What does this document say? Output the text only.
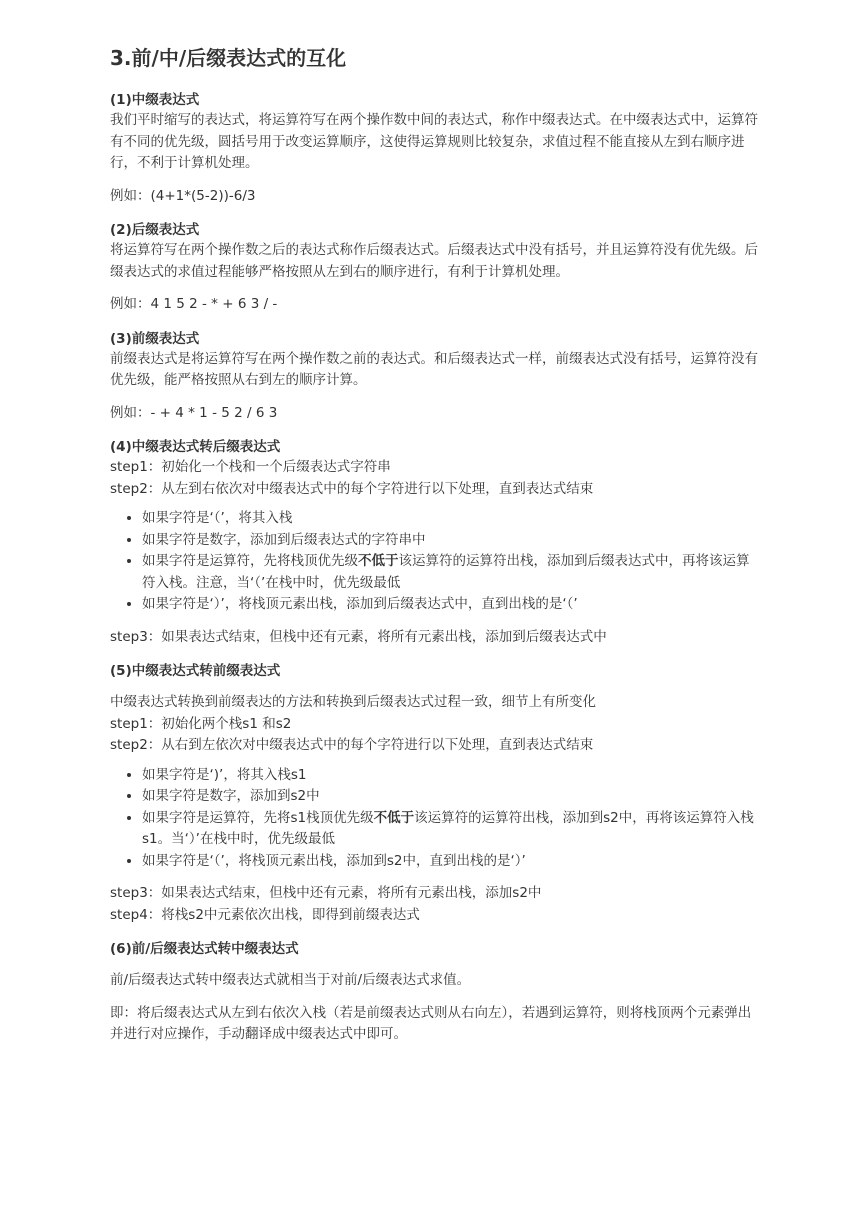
3.前/中/后缀表达式的互化

(1)中缀表达式

我们平时缩写的表达式，将运算符写在两个操作数中间的表达式，称作中缀表达式。在中缀表达式中，运算符有不同的优先级，圆括号用于改变运算顺序，这使得运算规则比较复杂，求值过程不能直接从左到右顺序进行，不利于计算机处理。

例如：(4+1*(5-2))-6/3

(2)后缀表达式

将运算符写在两个操作数之后的表达式称作后缀表达式。后缀表达式中没有括号，并且运算符没有优先级。后缀表达式的求值过程能够严格按照从左到右的顺序进行，有利于计算机处理。

例如：4 1 5 2 - * + 6 3 / -

(3)前缀表达式

前缀表达式是将运算符写在两个操作数之前的表达式。和后缀表达式一样，前缀表达式没有括号，运算符没有优先级，能严格按照从右到左的顺序计算。

例如：- + 4 * 1 - 5 2 / 6 3

(4)中缀表达式转后缀表达式

step1：初始化一个栈和一个后缀表达式字符串

step2：从左到右依次对中缀表达式中的每个字符进行以下处理，直到表达式结束

• 如果字符是‘（’，将其入栈
• 如果字符是数字，添加到后缀表达式的字符串中
• 如果字符是运算符，先将栈顶优先级不低于该运算符的运算符出栈，添加到后缀表达式中，再将该运算符入栈。注意，当‘（’在栈中时，优先级最低
• 如果字符是‘）’，将栈顶元素出栈，添加到后缀表达式中，直到出栈的是‘（’

step3：如果表达式结束，但栈中还有元素，将所有元素出栈，添加到后缀表达式中

(5)中缀表达式转前缀表达式

中缀表达式转换到前缀表达的方法和转换到后缀表达式过程一致，细节上有所变化

step1：初始化两个栈s1 和s2

step2：从右到左依次对中缀表达式中的每个字符进行以下处理，直到表达式结束

• 如果字符是‘)’，将其入栈s1
• 如果字符是数字，添加到s2中
• 如果字符是运算符，先将s1栈顶优先级不低于该运算符的运算符出栈，添加到s2中，再将该运算符入栈s1。当‘）’在栈中时，优先级最低
• 如果字符是‘（’，将栈顶元素出栈，添加到s2中，直到出栈的是‘）’

step3：如果表达式结束，但栈中还有元素，将所有元素出栈，添加s2中

step4：将栈s2中元素依次出栈，即得到前缀表达式

(6)前/后缀表达式转中缀表达式

前/后缀表达式转中缀表达式就相当于对前/后缀表达式求值。

即：将后缀表达式从左到右依次入栈（若是前缀表达式则从右向左），若遇到运算符，则将栈顶两个元素弹出并进行对应操作，手动翻译成中缀表达式中即可。
